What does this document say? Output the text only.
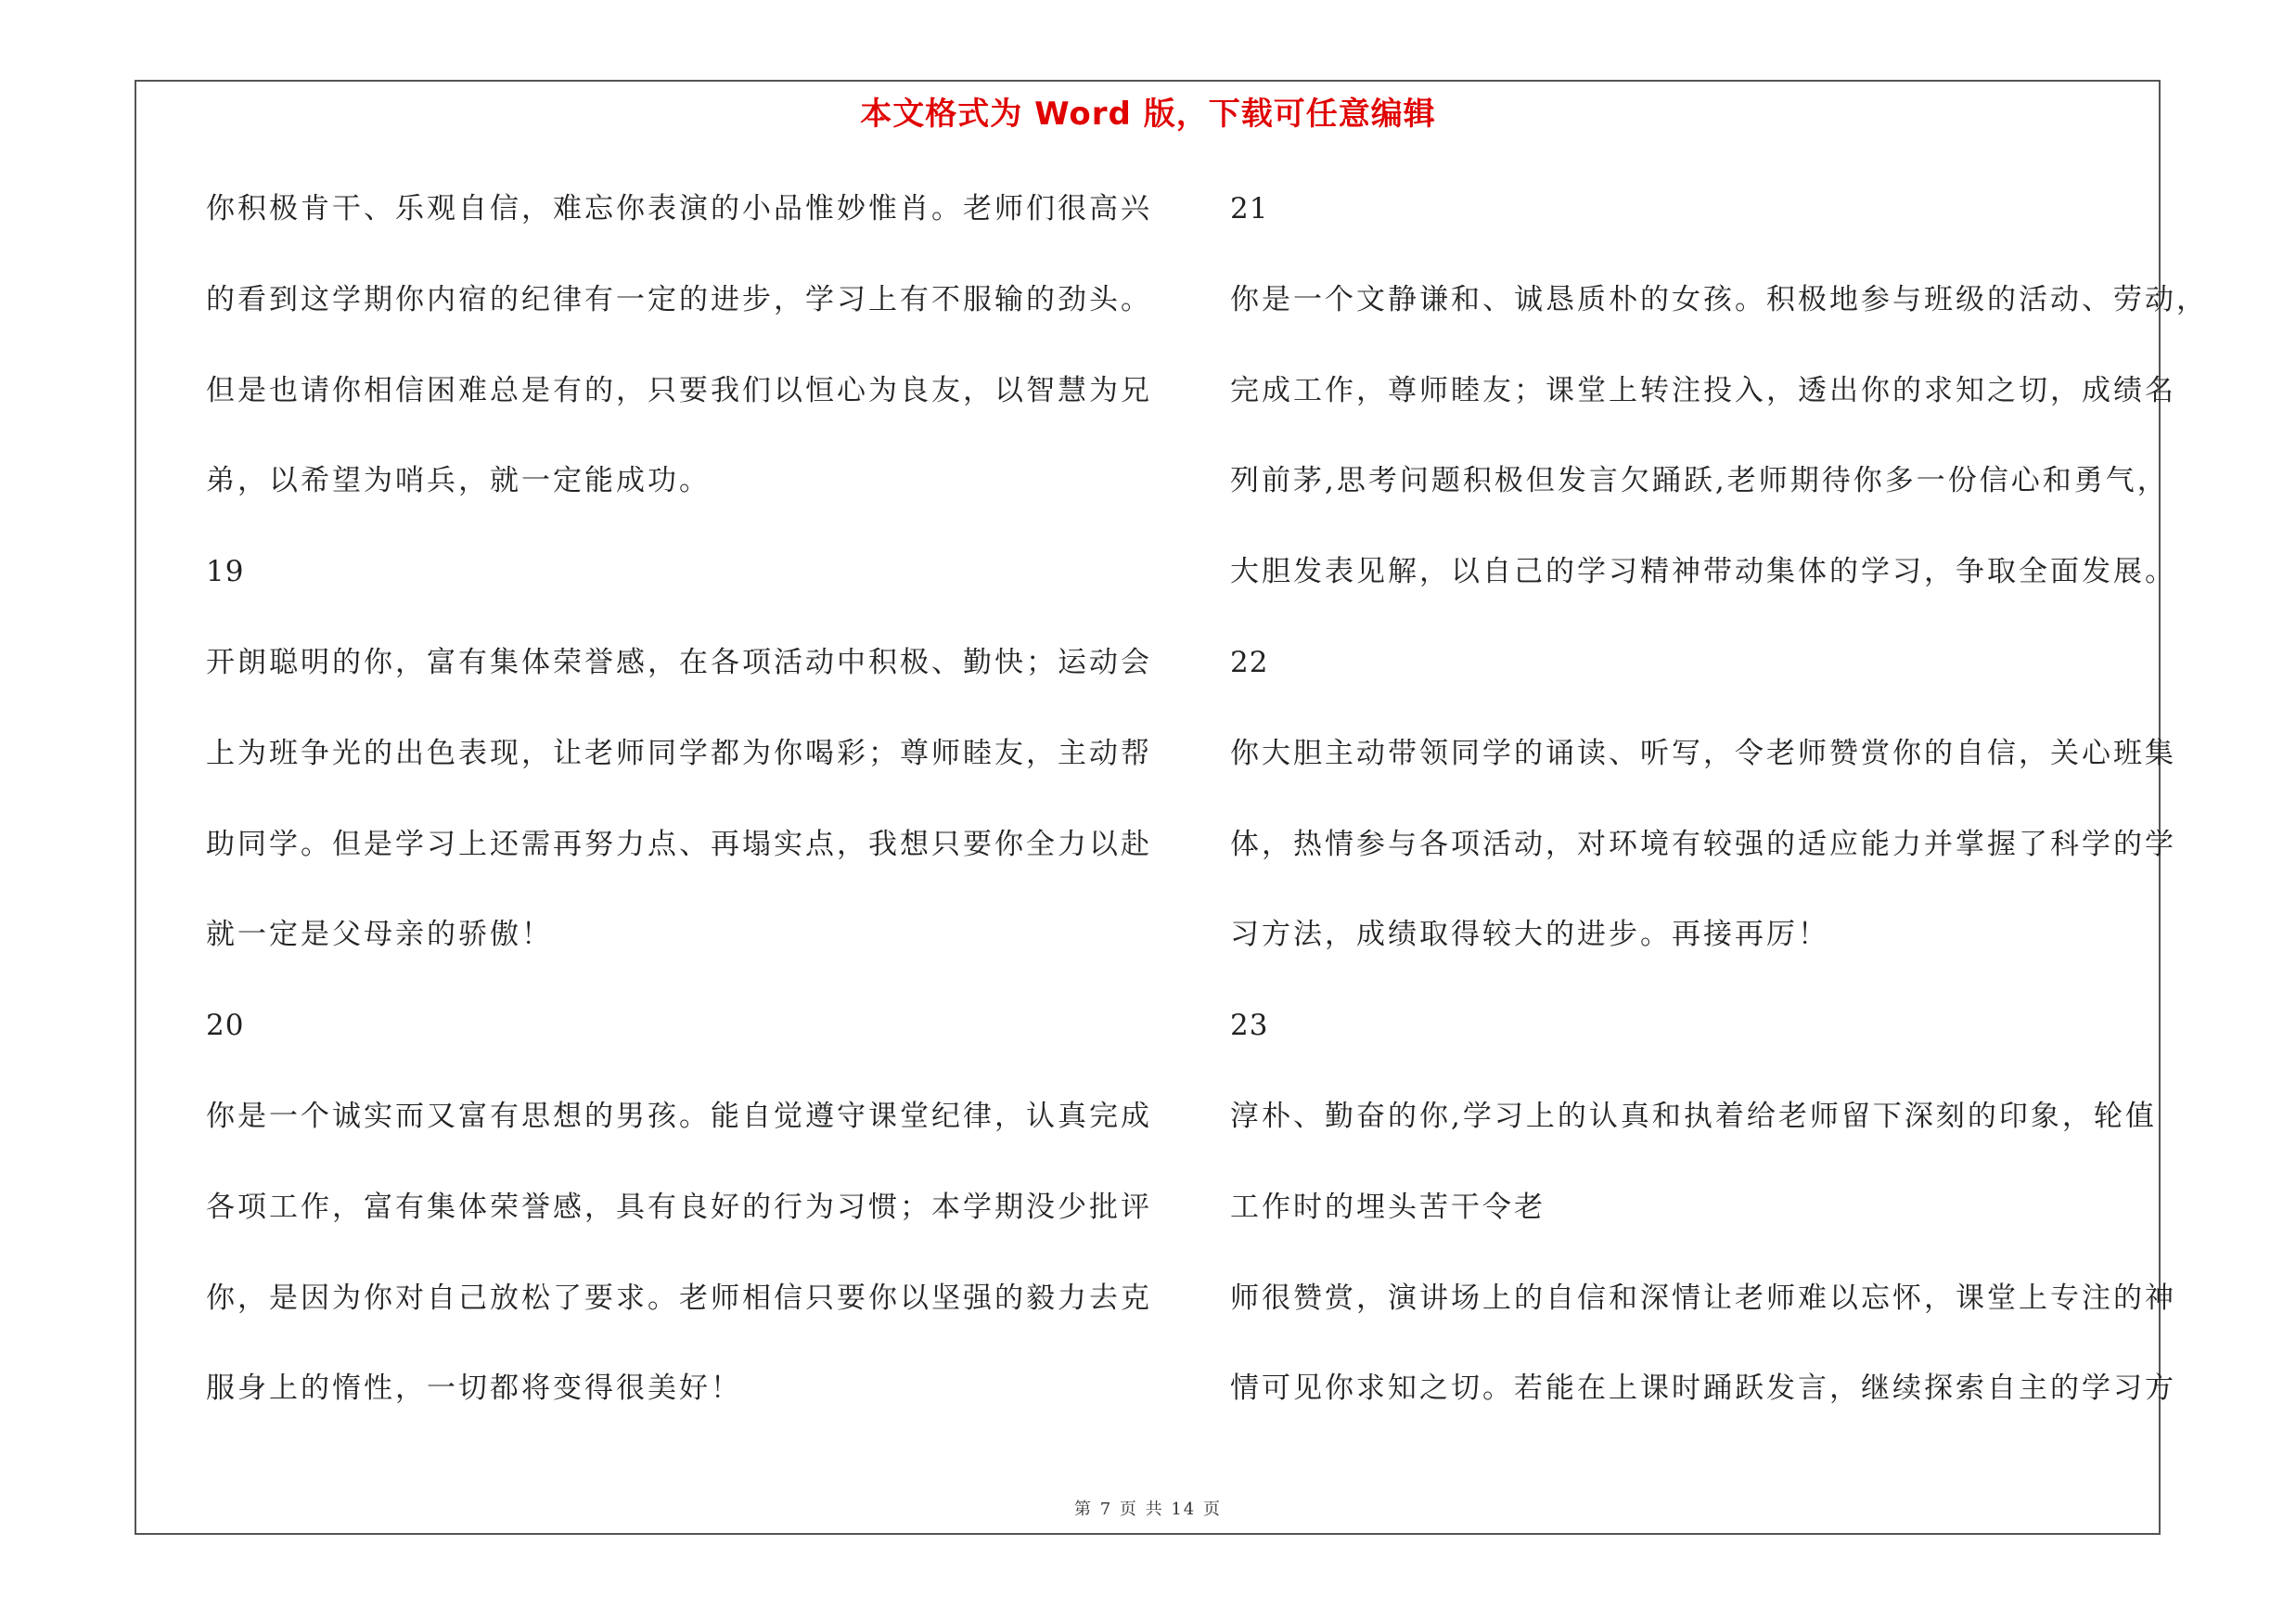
本文格式为 Word 版，下载可任意编辑
你积极肯干、乐观自信，难忘你表演的小品惟妙惟肖。老师们很高兴
的看到这学期你内宿的纪律有一定的进步，学习上有不服输的劲头。
但是也请你相信困难总是有的，只要我们以恒心为良友，以智慧为兄
弟，以希望为哨兵，就一定能成功。
19
开朗聪明的你，富有集体荣誉感，在各项活动中积极、勤快；运动会
上为班争光的出色表现，让老师同学都为你喝彩；尊师睦友，主动帮
助同学。但是学习上还需再努力点、再塌实点，我想只要你全力以赴
就一定是父母亲的骄傲！
20
你是一个诚实而又富有思想的男孩。能自觉遵守课堂纪律，认真完成
各项工作，富有集体荣誉感，具有良好的行为习惯；本学期没少批评
你，是因为你对自己放松了要求。老师相信只要你以坚强的毅力去克
服身上的惰性，一切都将变得很美好！
21
你是一个文静谦和、诚恳质朴的女孩。积极地参与班级的活动、劳动，
完成工作，尊师睦友；课堂上转注投入，透出你的求知之切，成绩名
列前茅,思考问题积极但发言欠踊跃,老师期待你多一份信心和勇气，
大胆发表见解，以自己的学习精神带动集体的学习，争取全面发展。
22
你大胆主动带领同学的诵读、听写，令老师赞赏你的自信，关心班集
体，热情参与各项活动，对环境有较强的适应能力并掌握了科学的学
习方法，成绩取得较大的进步。再接再厉！
23
淳朴、勤奋的你,学习上的认真和执着给老师留下深刻的印象，轮值
工作时的埋头苦干令老
师很赞赏，演讲场上的自信和深情让老师难以忘怀，课堂上专注的神
情可见你求知之切。若能在上课时踊跃发言，继续探索自主的学习方
第 7 页 共 14 页
